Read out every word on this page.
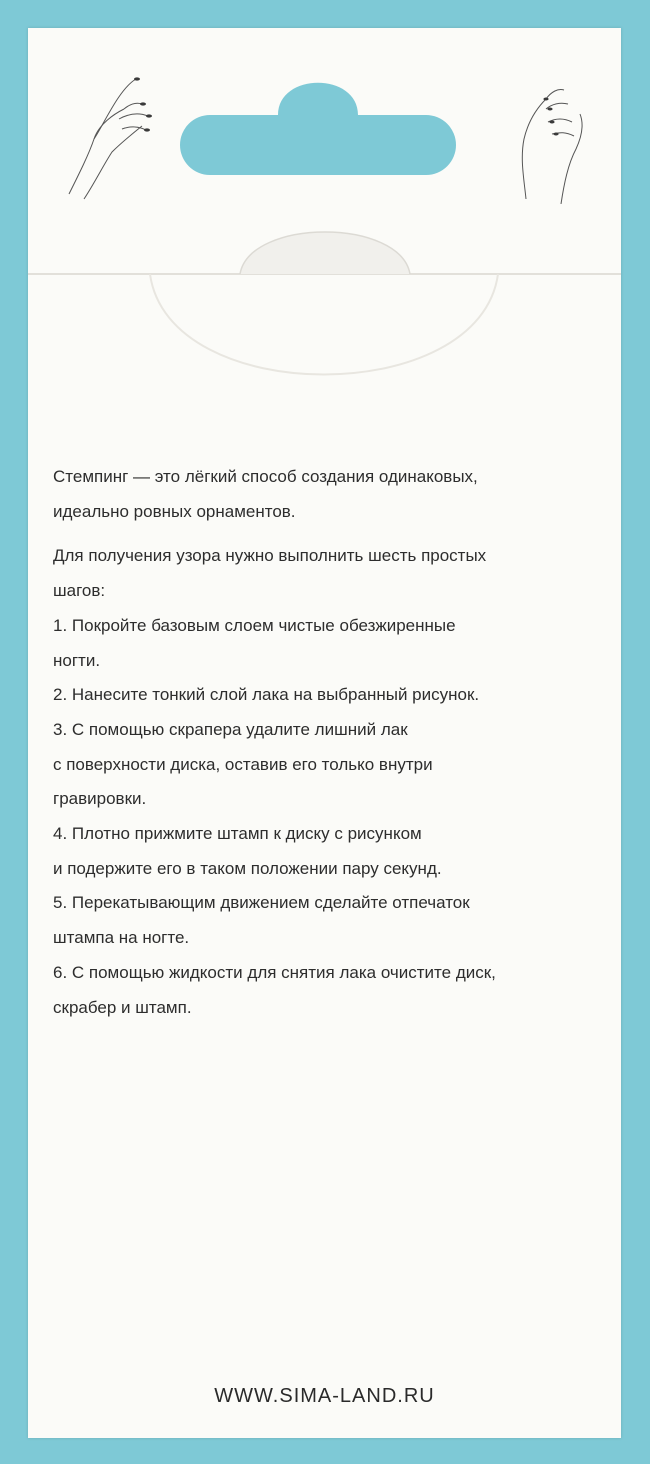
Стемпинг — это лёгкий способ создания одинаковых,

идеально ровных орнаментов.

Для получения узора нужно выполнить шесть простых

шагов:

1. Покройте базовым слоем чистые обезжиренные

ногти.

2. Нанесите тонкий слой лака на выбранный рисунок.

3. С помощью скрапера удалите лишний лак

с поверхности диска, оставив его только внутри

гравировки.

4. Плотно прижмите штамп к диску с рисунком

и подержите его в таком положении пару секунд.

5. Перекатывающим движением сделайте отпечаток

штампа на ногте.

6. С помощью жидкости для снятия лака очистите диск,

скрабер и штамп.

WWW.SIMA-LAND.RU
